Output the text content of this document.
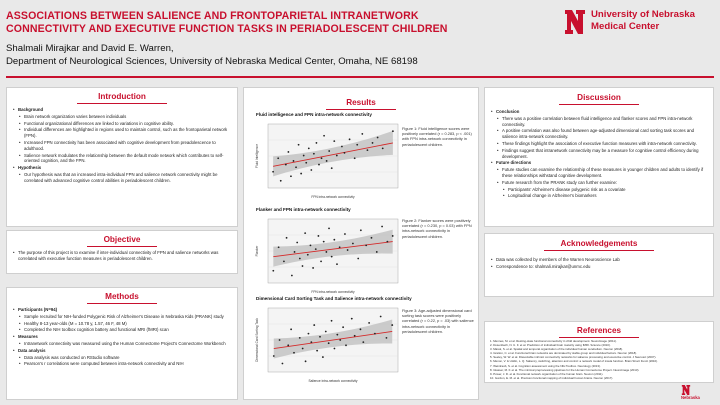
ASSOCIATIONS BETWEEN SALIENCE AND FRONTOPARIETAL INTRANETWORK
CONNECTIVITY AND EXECUTIVE FUNCTION TASKS IN PERIADOLESCENT CHILDREN
Shalmali Mirajkar and David E. Warren,
Department of Neurological Sciences, University of Nebraska Medical Center, Omaha, NE 68198
University of Nebraska
Medical Center
Introduction
• Background
• Brain network organization varies between individuals
• Functional organizational differences are linked to variations in cognitive ability.
• Individual differences are highlighted in regions used to maintain control, such as the frontoparietal network (FPN).
• Increased FPN connectivity has been associated with cognitive development from preadolescence to adulthood.
• Salience network modulates the relationship between the default mode network which contributes to self-oriented cognition, and the FPN.
• Hypothesis
• Our hypothesis was that an increased intra-individual FPN and salience network connectivity might be correlated with advanced cognitive control abilities in periadolescent children.
Objective
• The purpose of this project is to examine if inter-individual connectivity of FPN and salience networks was correlated with executive function measures in periadolescent children.
Methods
• Participants (N=94)
• Sample recruited for NIH-funded Polygenic Risk of Alzheimer's Disease in Nebraska Kids (PRANK) study
• Healthy 8-13 year-olds (M = 10.78 y, 1.57, 46 F, 48 M)
• Completed the NIH toolbox cognition battery and functional MRI (fMRI) scan
• Measures
• Intranetwork connectivity was measured using the Human Connectome Project's Connectome Workbench
• Data analysis
• Data analysis was conducted on RStudio software
• Pearson's r correlations were computed between intra-network connectivity and NIH
Results
Fluid intelligence and FPN intra-network connectivity
Fluid Intelligence
FPN intra-network connectivity
Figure 1: Fluid intelligence scores were positively correlated (r = 0.283, p < .001) with FPN intra-network connectivity in periadolescent children.
Flanker and FPN intra-network connectivity
Flanker
FPN intra-network connectivity
Figure 2: Flanker scores were positively correlated (r = 0.230, p = 0.03) with FPN intra-network connectivity in periadolescent children.
Dimensional Card Sorting Task and Salience intra-network connectivity
Dimensional Card Sorting Task
Salience intra-network connectivity
Figure 3: Age-adjusted dimensional card sorting task scores were positively correlated (r = 0.22, p = .03) with salience intra-network connectivity in periadolescent children.
Discussion
• Conclusion
• There was a positive correlation between fluid intelligence and flanker scores and FPN intra-network connectivity.
• A positive correlation was also found between age-adjusted dimensional card sorting task scores and salience intra-network connectivity.
• These findings highlight the association of executive function measures with intra-network connectivity.
• Findings suggest that intranetwork connectivity may be a measure for cognitive control efficiency during development.
• Future directions
• Future studies can examine the relationship of these measures in younger children and adults to identify if these relationships withstand cognitive development.
• Future research from the PRANK study can further examine:
• Participants' Alzheimer's disease polygenic risk as a covariate
• Longitudinal change in Alzheimer's biomarkers
Acknowledgements
• Data was collected by members of the Warren Neuroscience Lab
• Correspondence to: shalmali.mirajkar@unmc.edu
References
1. Mennes, M. et al. Resting-state functional connectivity in child development. NeuroImage (2011).
2. Dosenbach, N. U. F. et al. Prediction of individual brain maturity using fMRI. Science (2010).
3. Marek, S. et al. Spatial and temporal organization of the individual human cerebellum. Neuron (2018).
4. Gratton, C. et al. Functional brain networks are dominated by stable group and individual factors. Neuron (2018).
5. Seeley, W. W. et al. Dissociable intrinsic connectivity networks for salience processing and executive control. J Neurosci (2007).
6. Menon, V. & Uddin, L. Q. Saliency, switching, attention and control: a network model of insula function. Brain Struct Funct (2010).
7. Weintraub, S. et al. Cognition assessment using the NIH Toolbox. Neurology (2013).
8. Glasser, M. F. et al. The minimal preprocessing pipelines for the Human Connectome Project. NeuroImage (2013).
9. Power, J. D. et al. Functional network organization of the human brain. Neuron (2011).
10. Gordon, E. M. et al. Precision functional mapping of individual human brains. Neuron (2017).
Nebraska
